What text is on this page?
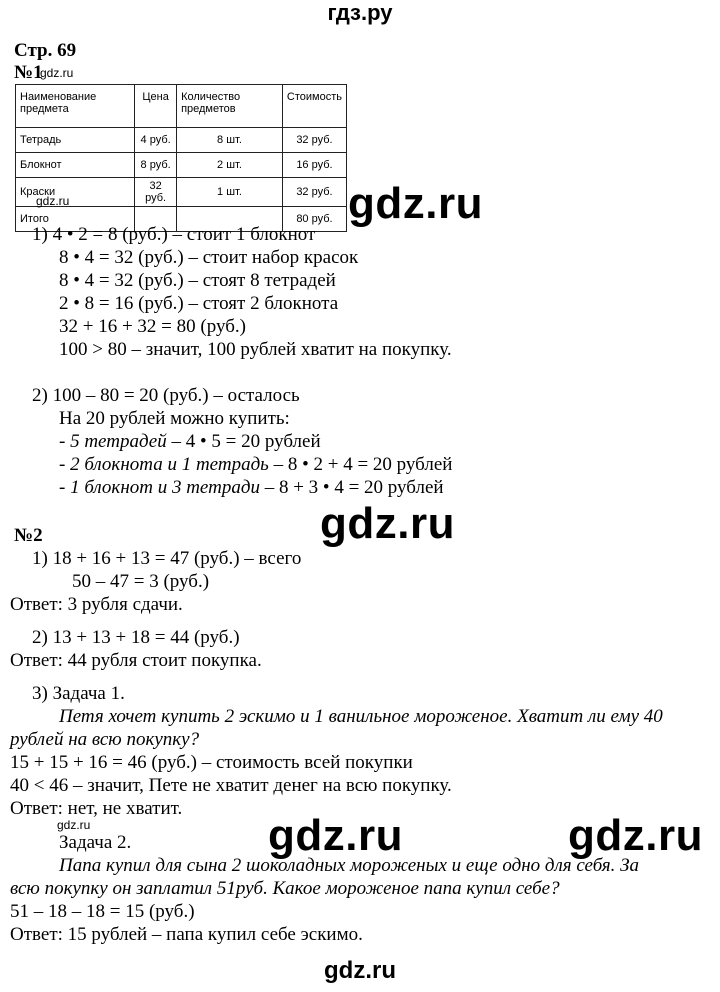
гдз.ру
Стр. 69
№1
gdz.ru
Наименование предмета	Цена	Количество предметов	Стоимость
Тетрадь	4 руб.	8 шт.	32 руб.
Блокнот	8 руб.	2 шт.	16 руб.
Краски	32 руб.	1 шт.	32 руб.
Итого			80 руб.
gdz.ru	gdz.ru
1) 4 • 2 = 8 (руб.) – стоит 1 блокнот
8 • 4 = 32 (руб.) – стоит набор красок
8 • 4 = 32 (руб.) – стоят 8 тетрадей
2 • 8 = 16 (руб.) – стоят 2 блокнота
32 + 16 + 32 = 80 (руб.)
100 > 80 – значит, 100 рублей хватит на покупку.
2) 100 – 80 = 20 (руб.) – осталось
На 20 рублей можно купить:
- 5 тетрадей – 4 • 5 = 20 рублей
- 2 блокнота и 1 тетрадь – 8 • 2 + 4 = 20 рублей
- 1 блокнот и 3 тетради – 8 + 3 • 4 = 20 рублей
gdz.ru
№2
1) 18 + 16 + 13 = 47 (руб.) – всего
50 – 47 = 3 (руб.)
Ответ: 3 рубля сдачи.
2) 13 + 13 + 18 = 44 (руб.)
Ответ: 44 рубля стоит покупка.
3) Задача 1.
Петя хочет купить 2 эскимо и 1 ванильное мороженое. Хватит ли ему 40
рублей на всю покупку?
15 + 15 + 16 = 46 (руб.) – стоимость всей покупки
40 < 46 – значит, Пете не хватит денег на всю покупку.
Ответ: нет, не хватит.
gdz.ru
Задача 2.	gdz.ru	gdz.ru
Папа купил для сына 2 шоколадных мороженых и еще одно для себя. За
всю покупку он заплатил 51руб. Какое мороженое папа купил себе?
51 – 18 – 18 = 15 (руб.)
Ответ: 15 рублей – папа купил себе эскимо.
gdz.ru
